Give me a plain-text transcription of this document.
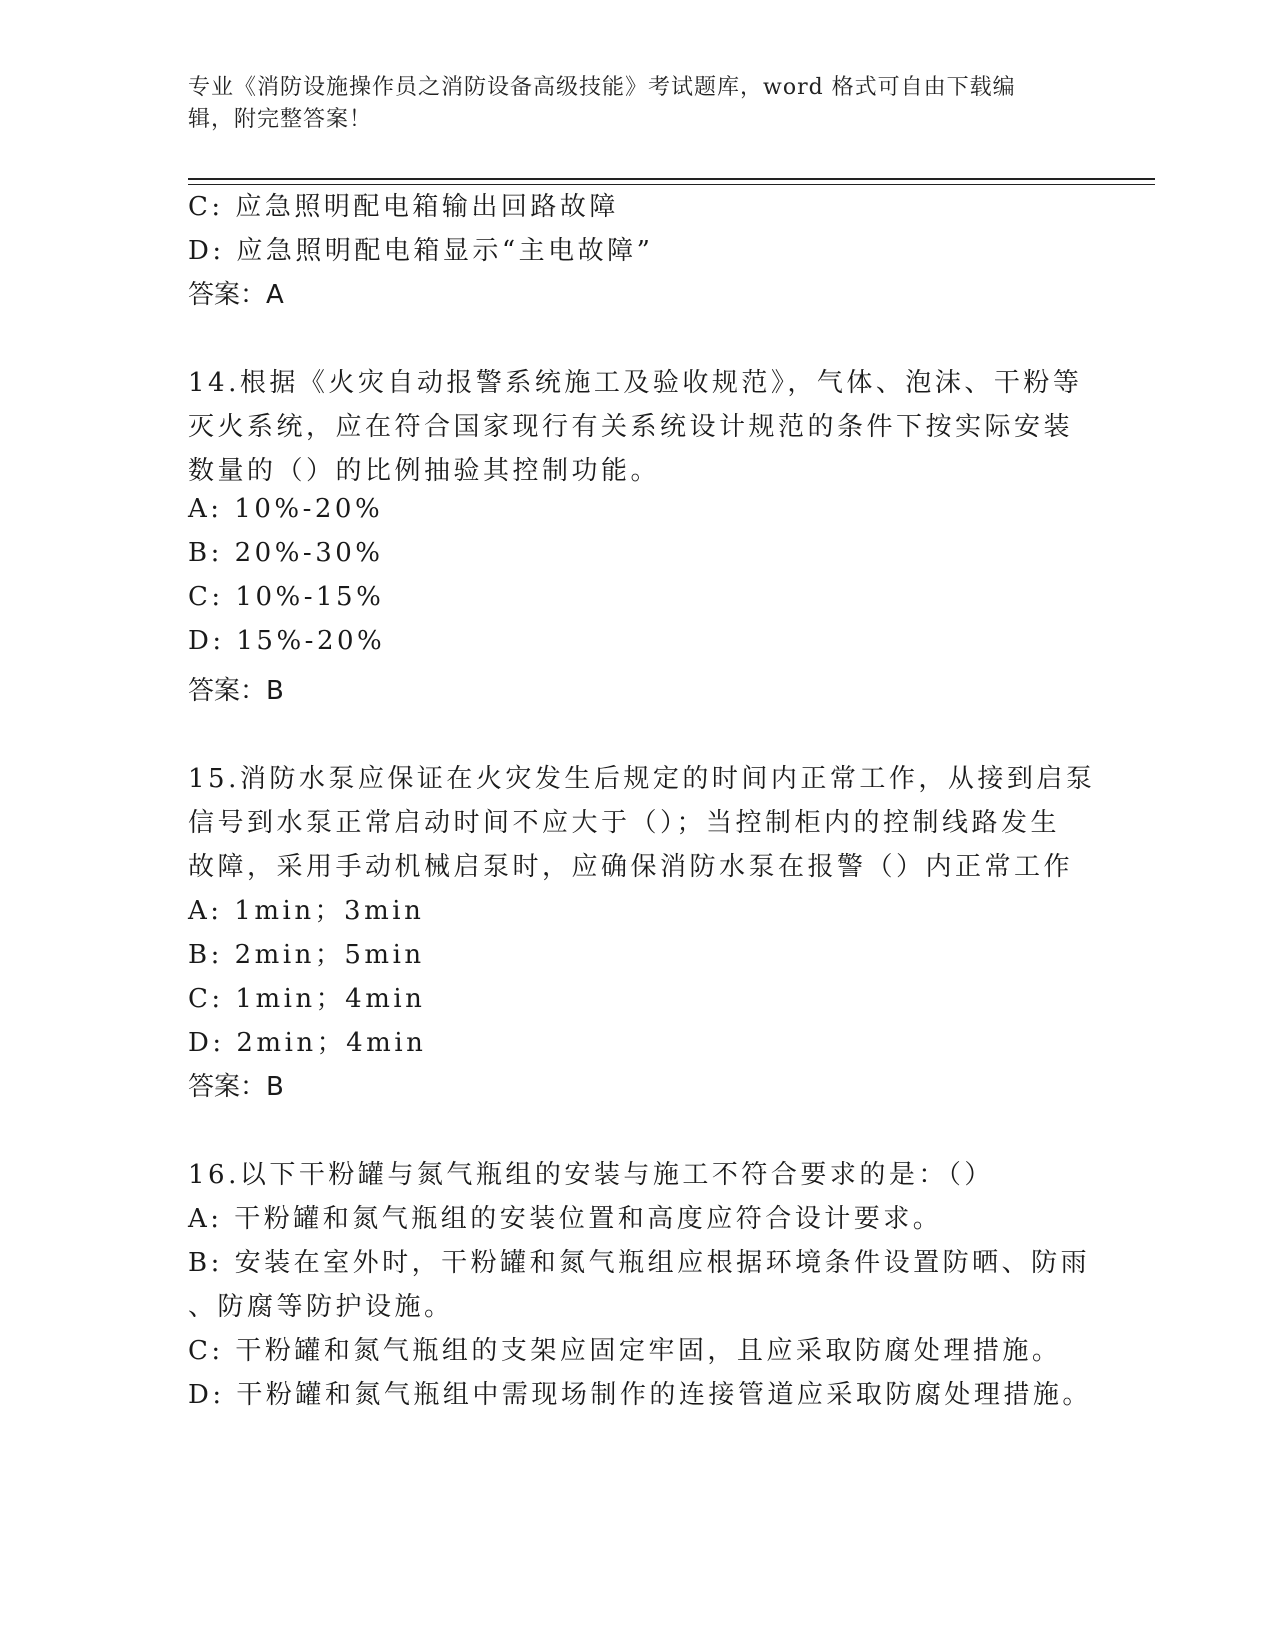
专业《消防设施操作员之消防设备高级技能》考试题库，word 格式可自由下载编
辑，附完整答案！
C: 应急照明配电箱输出回路故障
D: 应急照明配电箱显示“主电故障”
答案：A
14.根据《火灾自动报警系统施工及验收规范》，气体、泡沫、干粉等
灭火系统，应在符合国家现行有关系统设计规范的条件下按实际安装
数量的（）的比例抽验其控制功能。
A: 10%-20%
B: 20%-30%
C: 10%-15%
D: 15%-20%
答案：B
15.消防水泵应保证在火灾发生后规定的时间内正常工作，从接到启泵
信号到水泵正常启动时间不应大于（）；当控制柜内的控制线路发生
故障，采用手动机械启泵时，应确保消防水泵在报警（）内正常工作
A: 1min；3min
B: 2min；5min
C: 1min；4min
D: 2min；4min
答案：B
16.以下干粉罐与氮气瓶组的安装与施工不符合要求的是：（）
A: 干粉罐和氮气瓶组的安装位置和高度应符合设计要求。
B: 安装在室外时，干粉罐和氮气瓶组应根据环境条件设置防晒、防雨
、防腐等防护设施。
C: 干粉罐和氮气瓶组的支架应固定牢固，且应采取防腐处理措施。
D: 干粉罐和氮气瓶组中需现场制作的连接管道应采取防腐处理措施。
